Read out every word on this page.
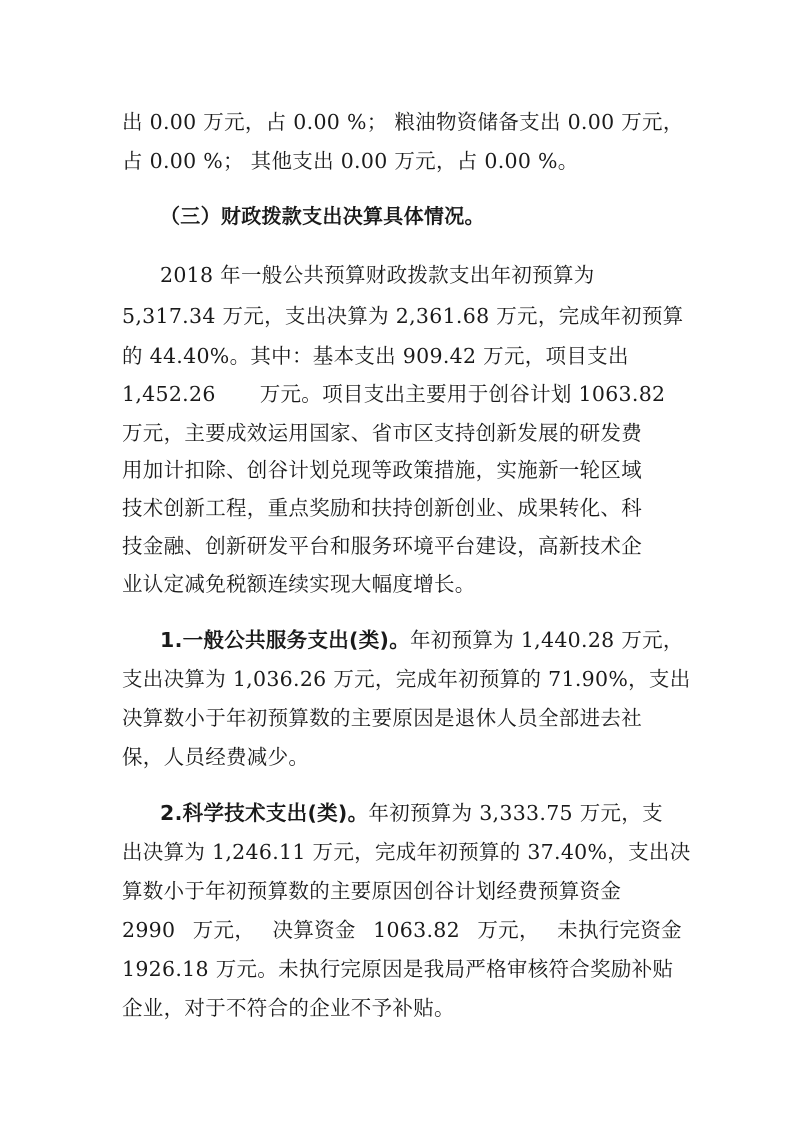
出 0.00 万元，占 0.00 %； 粮油物资储备支出 0.00 万元，
占 0.00 %； 其他支出 0.00 万元，占 0.00 %。
（三）财政拨款支出决算具体情况。
2018 年一般公共预算财政拨款支出年初预算为
5,317.34 万元，支出决算为 2,361.68 万元，完成年初预算
的 44.40%。其中：基本支出 909.42 万元，项目支出
1,452.26 万元。项目支出主要用于创谷计划 1063.82
万元，主要成效运用国家、省市区支持创新发展的研发费
用加计扣除、创谷计划兑现等政策措施，实施新一轮区域
技术创新工程，重点奖励和扶持创新创业、成果转化、科
技金融、创新研发平台和服务环境平台建设，高新技术企
业认定减免税额连续实现大幅度增长。
1.一般公共服务支出(类)。年初预算为 1,440.28 万元，
支出决算为 1,036.26 万元，完成年初预算的 71.90%，支出
决算数小于年初预算数的主要原因是退休人员全部进去社
保，人员经费减少。
2.科学技术支出(类)。年初预算为 3,333.75 万元，支
出决算为 1,246.11 万元，完成年初预算的 37.40%，支出决
算数小于年初预算数的主要原因创谷计划经费预算资金
2990 万元， 决算资金 1063.82 万元， 未执行完资金
1926.18 万元。未执行完原因是我局严格审核符合奖励补贴
企业，对于不符合的企业不予补贴。
